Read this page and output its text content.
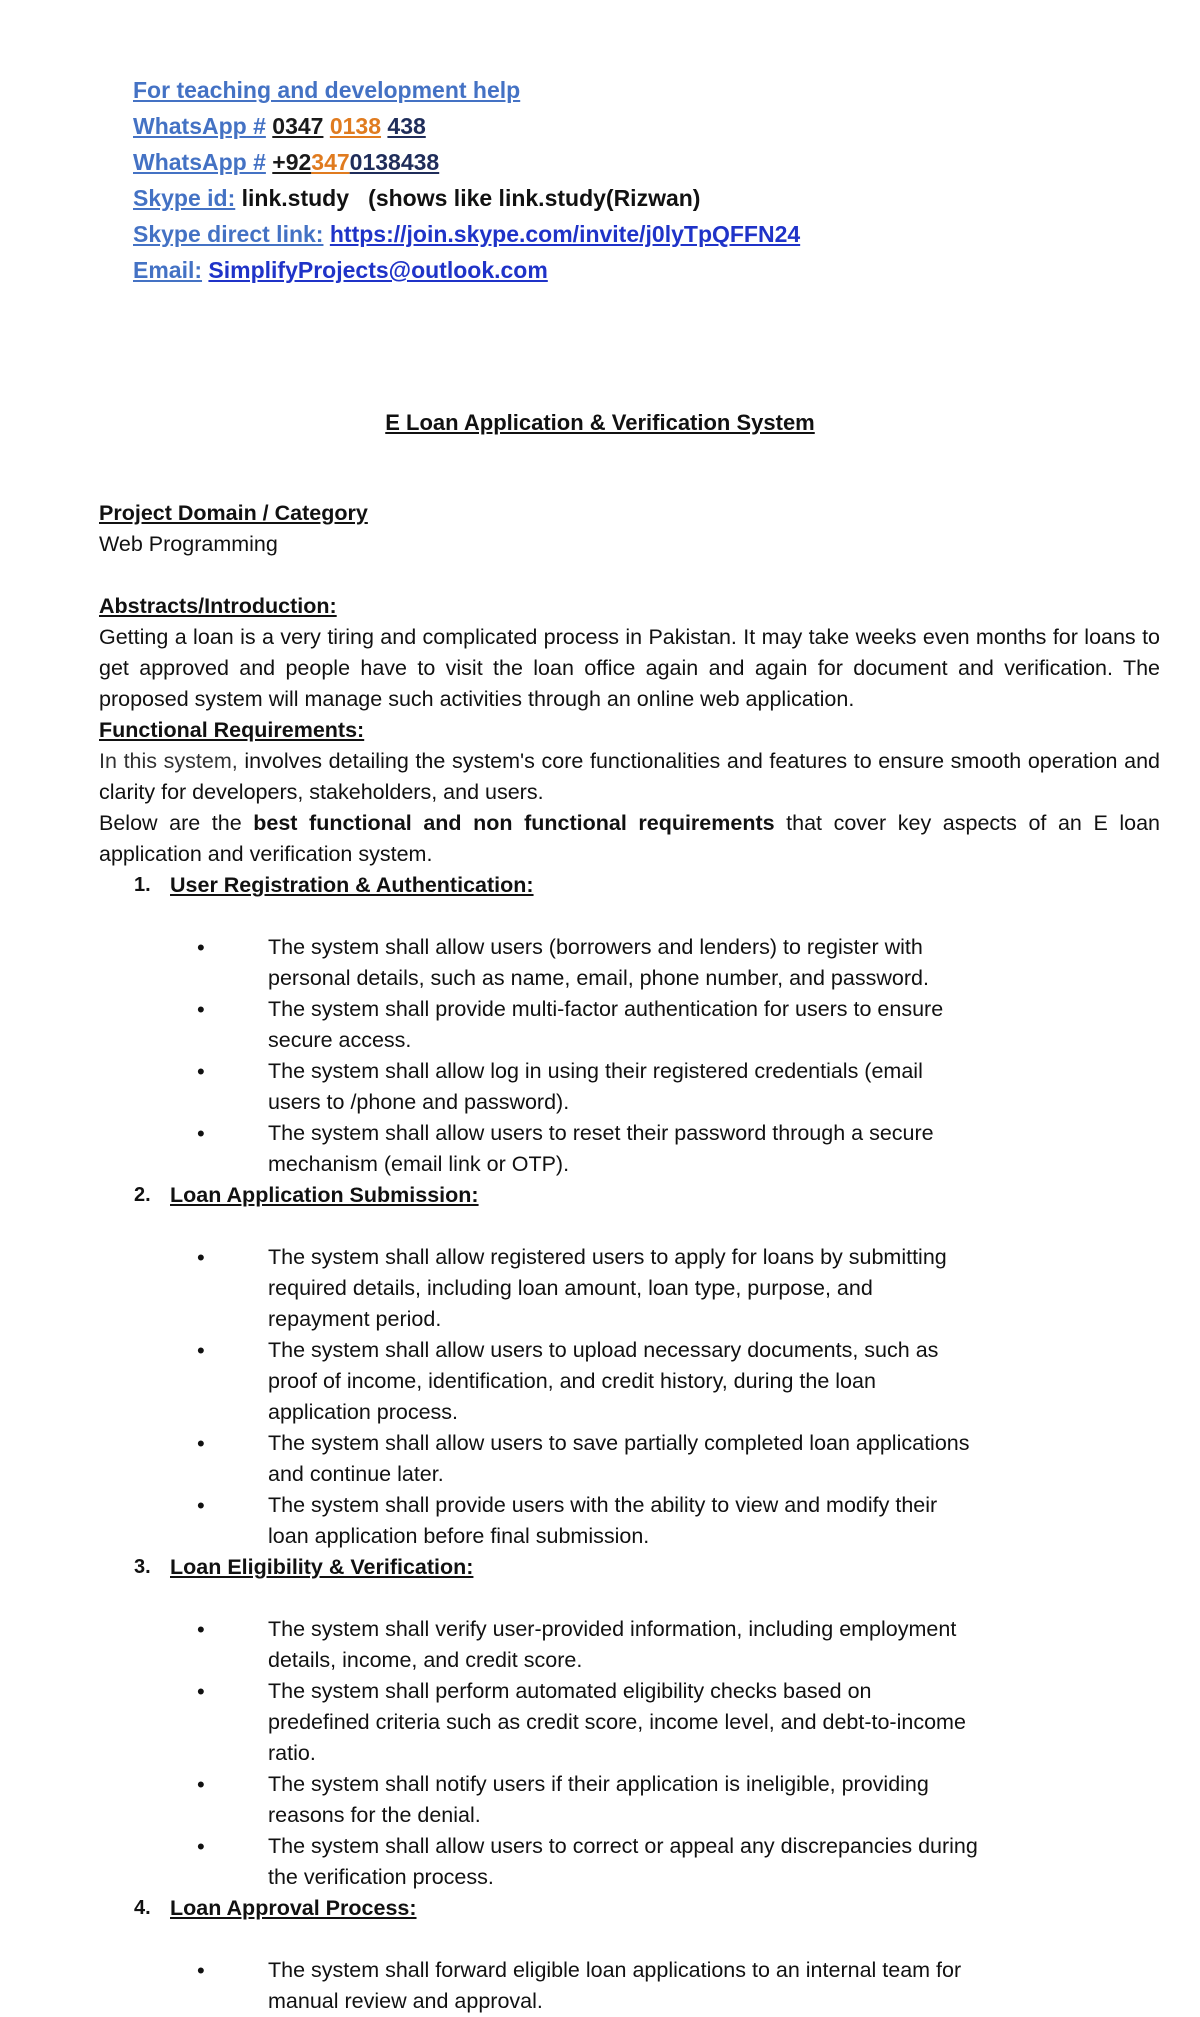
For teaching and development help
WhatsApp # 0347 0138 438
WhatsApp # +923470138438
Skype id: link.study   (shows like link.study(Rizwan)
Skype direct link: https://join.skype.com/invite/j0lyTpQFFN24
Email: SimplifyProjects@outlook.com
E Loan Application & Verification System
Project Domain / Category
Web Programming
Abstracts/Introduction:
Getting a loan is a very tiring and complicated process in Pakistan. It may take weeks even months for loans to get approved and people have to visit the loan office again and again for document and verification. The proposed system will manage such activities through an online web application.
Functional Requirements:
In this system, involves detailing the system's core functionalities and features to ensure smooth operation and clarity for developers, stakeholders, and users.
Below are the best functional and non functional requirements that cover key aspects of an E loan application and verification system.
1. User Registration & Authentication:
•
The system shall allow users (borrowers and lenders) to register with personal details, such as name, email, phone number, and password.
•
The system shall provide multi-factor authentication for users to ensure secure access.
•
The system shall allow log in using their registered credentials (email users to /phone and password).
•
The system shall allow users to reset their password through a secure mechanism (email link or OTP).
2. Loan Application Submission:
•
The system shall allow registered users to apply for loans by submitting required details, including loan amount, loan type, purpose, and repayment period.
•
The system shall allow users to upload necessary documents, such as proof of income, identification, and credit history, during the loan application process.
•
The system shall allow users to save partially completed loan applications and continue later.
•
The system shall provide users with the ability to view and modify their loan application before final submission.
3. Loan Eligibility & Verification:
•
The system shall verify user-provided information, including employment details, income, and credit score.
•
The system shall perform automated eligibility checks based on predefined criteria such as credit score, income level, and debt-to-income ratio.
•
The system shall notify users if their application is ineligible, providing reasons for the denial.
•
The system shall allow users to correct or appeal any discrepancies during the verification process.
4. Loan Approval Process:
•
The system shall forward eligible loan applications to an internal team for manual review and approval.
